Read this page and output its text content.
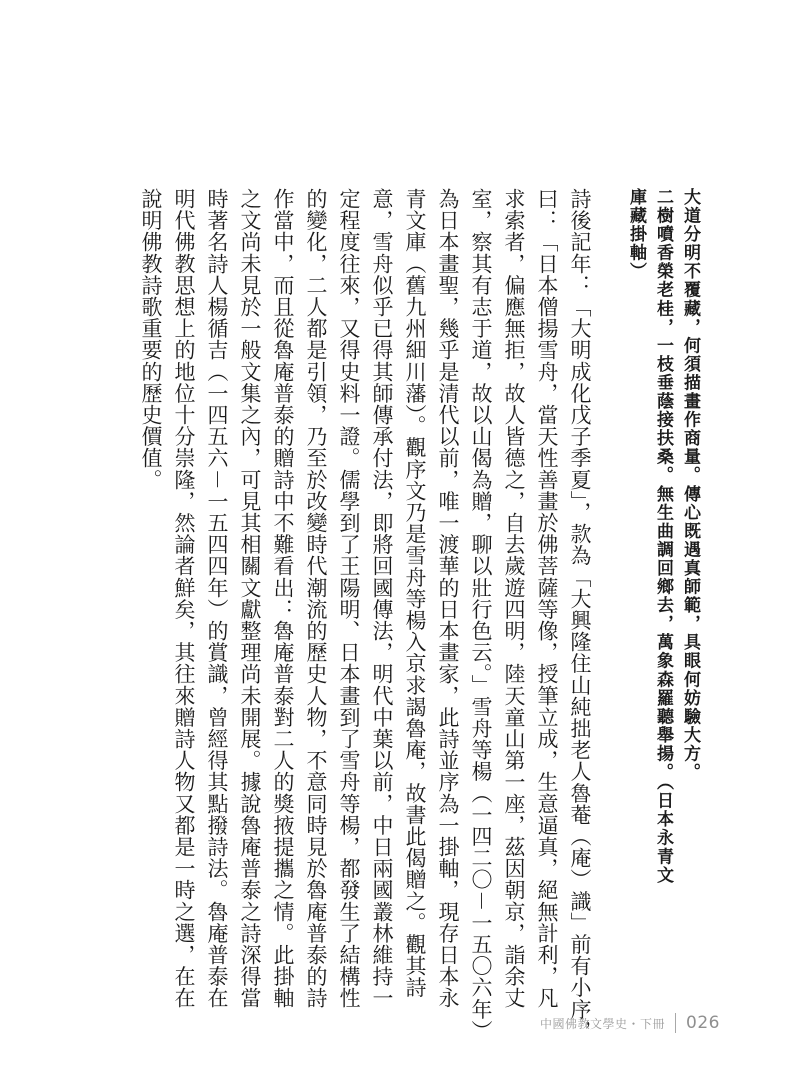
大道分明不覆藏，何須描畫作商量。傳心既遇真師範，具眼何妨驗大方。

二樹噴香榮老桂，一枝垂蔭接扶桑。無生曲調回鄉去，萬象森羅聽舉揚。（日本永青文

庫藏掛軸）

詩後記年：「大明成化戊子季夏」，款為「大興隆住山純拙老人魯菴（庵）識」前有小序，

曰：「日本僧揚雪舟，當天性善畫於佛菩薩等像，授筆立成，生意逼真，絕無計利，凡

求索者，偏應無拒，故人皆德之，自去歲遊四明，陸天童山第一座，茲因朝京，詣余丈

室，察其有志于道，故以山偈為贈，聊以壯行色云。」雪舟等楊（一四二〇－一五〇六年）

為日本畫聖，幾乎是清代以前，唯一渡華的日本畫家，此詩並序為一掛軸，現存日本永

青文庫（舊九州細川藩）。觀序文乃是雪舟等楊入京求謁魯庵，故書此偈贈之。觀其詩

意，雪舟似乎已得其師傳承付法，即將回國傳法，明代中葉以前，中日兩國叢林維持一

定程度往來，又得史料一證。儒學到了王陽明、日本畫到了雪舟等楊，都發生了結構性

的變化，二人都是引領，乃至於改變時代潮流的歷史人物，不意同時見於魯庵普泰的詩

作當中，而且從魯庵普泰的贈詩中不難看出：魯庵普泰對二人的獎掖提攜之情。此掛軸

之文尚未見於一般文集之內，可見其相關文獻整理尚未開展。據說魯庵普泰之詩深得當

時著名詩人楊循吉（一四五六－一五四四年）的賞識，曾經得其點撥詩法。魯庵普泰在

明代佛教思想上的地位十分崇隆，然論者鮮矣，其往來贈詩人物又都是一時之選，在在

說明佛教詩歌重要的歷史價值。

中國佛教文學史・下冊 026
